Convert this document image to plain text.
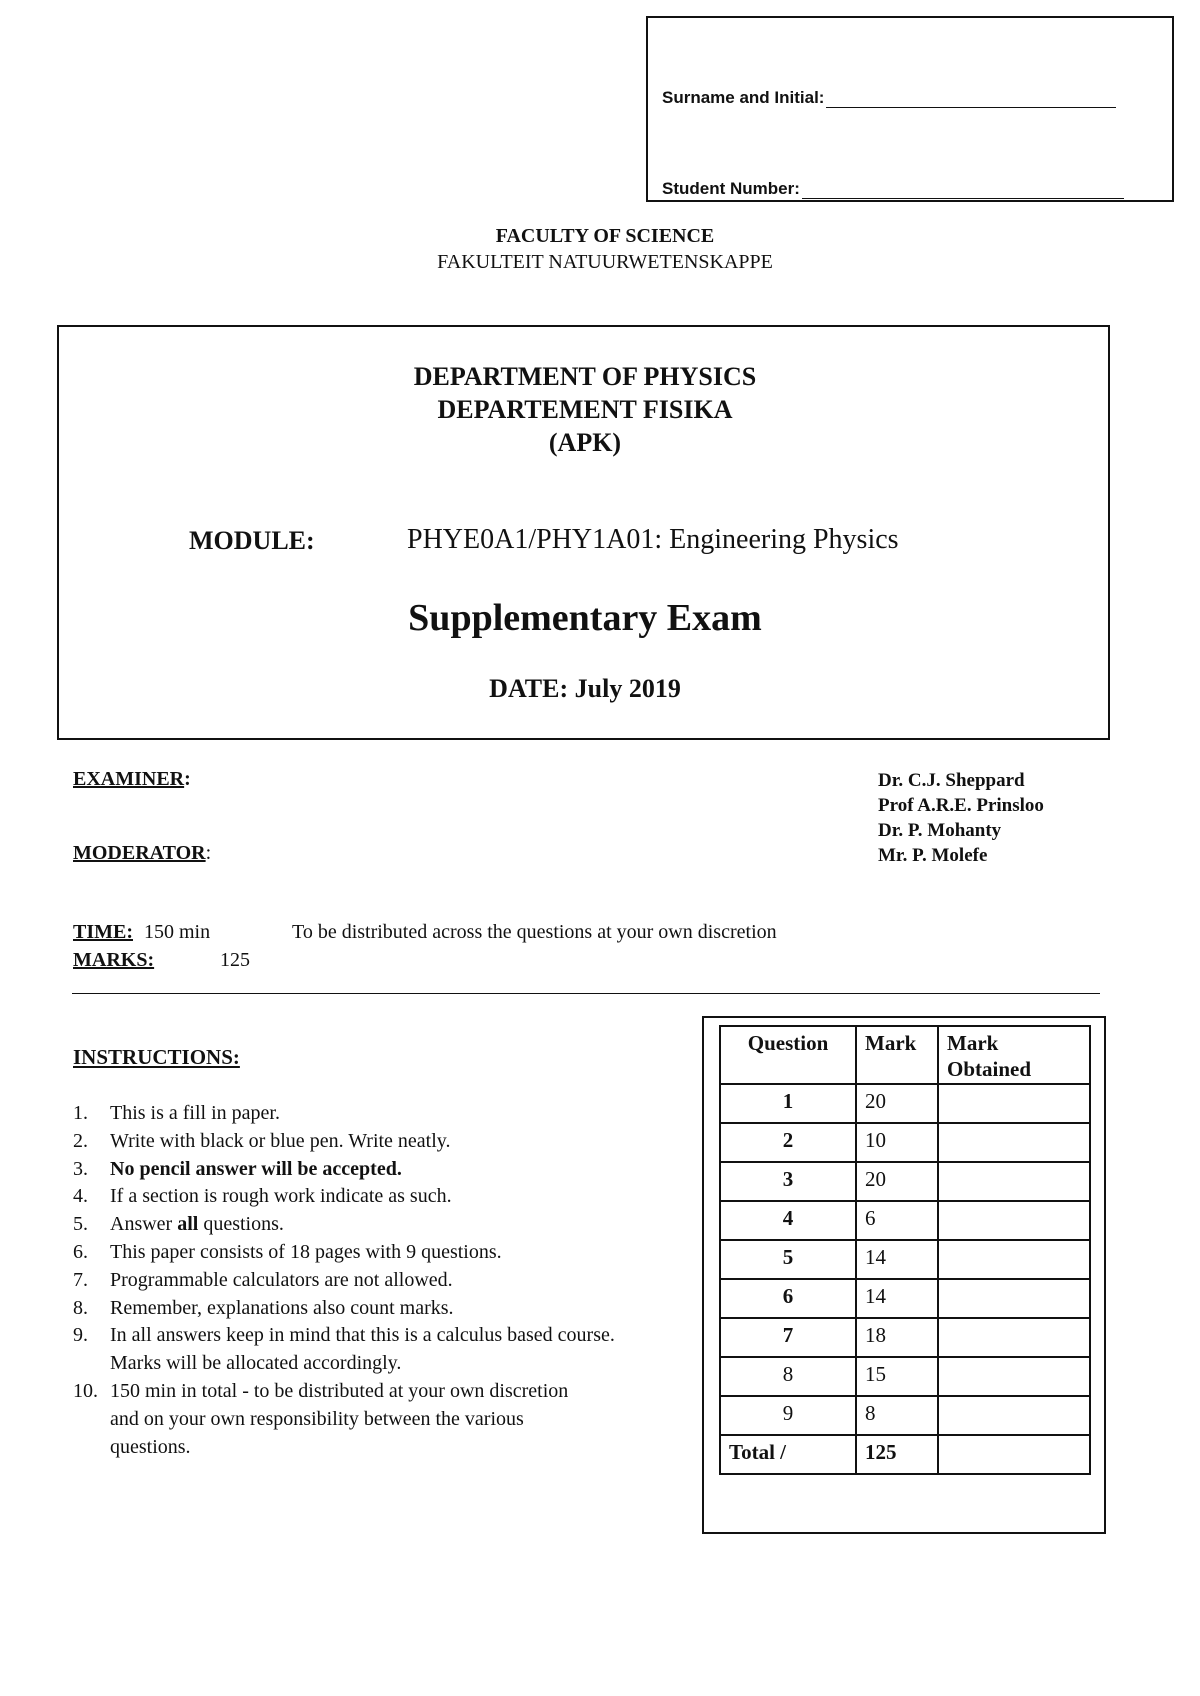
Surname and Initial:
Student Number:
FACULTY OF SCIENCE
FAKULTEIT NATUURWETENSKAPPE
DEPARTMENT OF PHYSICS
DEPARTEMENT FISIKA
(APK)
MODULE:	PHYE0A1/PHY1A01: Engineering Physics
Supplementary Exam
DATE: July 2019
EXAMINER:
MODERATOR:
Dr. C.J. Sheppard
Prof A.R.E. Prinsloo
Dr. P. Mohanty
Mr. P. Molefe
TIME: 150 min	To be distributed across the questions at your own discretion
MARKS:	125
INSTRUCTIONS:
1. This is a fill in paper.
2. Write with black or blue pen. Write neatly.
3. No pencil answer will be accepted.
4. If a section is rough work indicate as such.
5. Answer all questions.
6. This paper consists of 18 pages with 9 questions.
7. Programmable calculators are not allowed.
8. Remember, explanations also count marks.
9. In all answers keep in mind that this is a calculus based course. Marks will be allocated accordingly.
10. 150 min in total - to be distributed at your own discretion and on your own responsibility between the various questions.
Question	Mark	Mark Obtained
1	20	
2	10	
3	20	
4	6	
5	14	
6	14	
7	18	
8	15	
9	8	
Total /	125	
